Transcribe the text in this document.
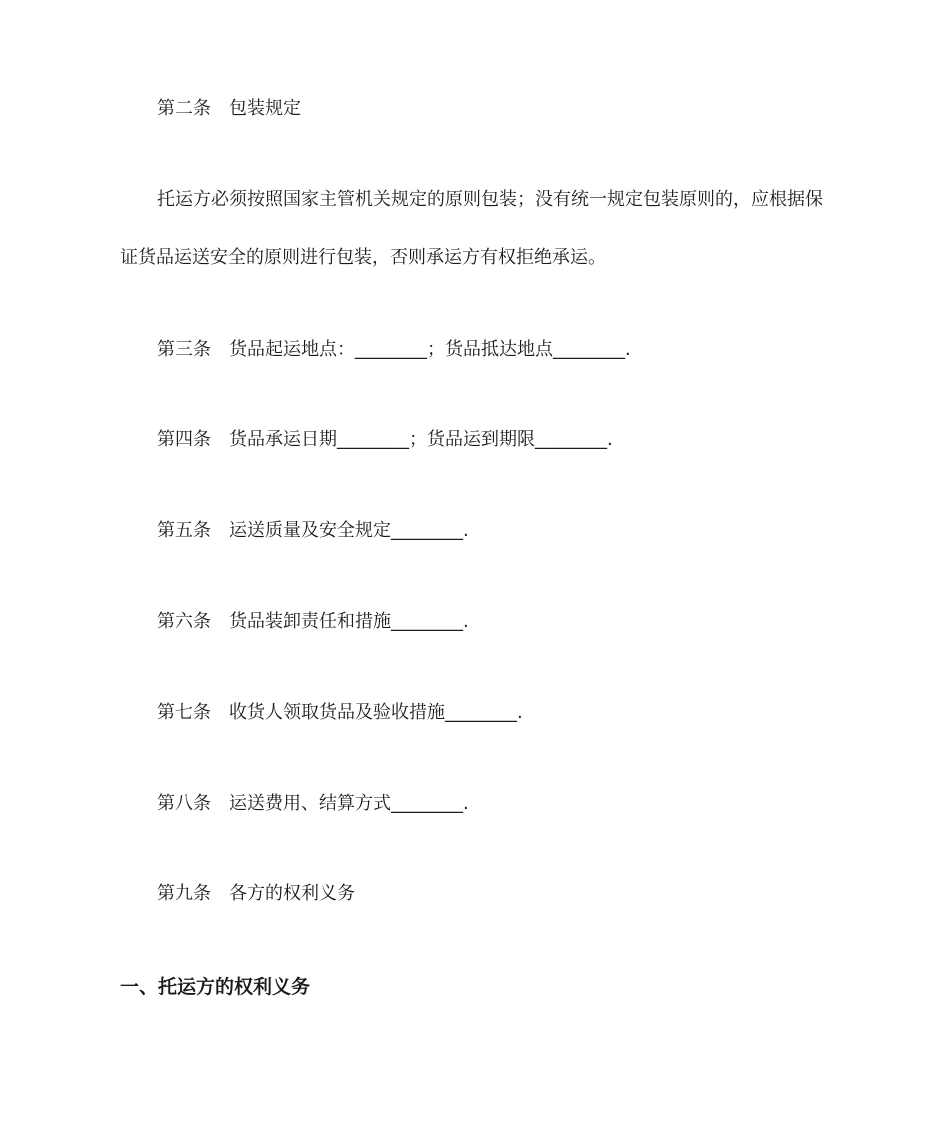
第二条 包装规定
托运方必须按照国家主管机关规定的原则包装；没有统一规定包装原则的，应根据保
证货品运送安全的原则进行包装，否则承运方有权拒绝承运。
第三条 货品起运地点：________；货品抵达地点________.
第四条 货品承运日期________；货品运到期限________.
第五条 运送质量及安全规定________.
第六条 货品装卸责任和措施________.
第七条 收货人领取货品及验收措施________.
第八条 运送费用、结算方式________.
第九条 各方的权利义务
一、托运方的权利义务
